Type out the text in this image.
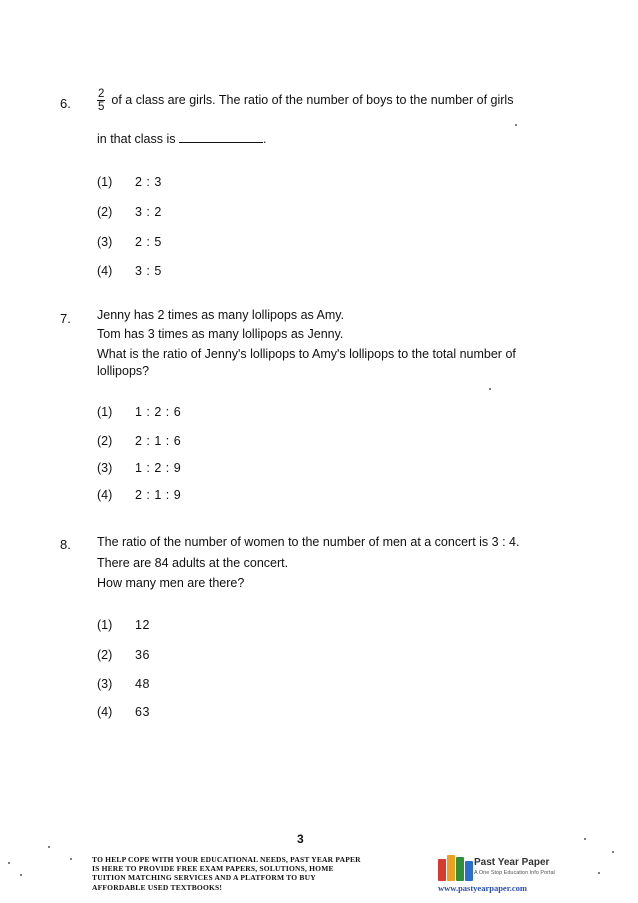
6. $\frac{2}{5}$ of a class are girls. The ratio of the number of boys to the number of girls
in that class is	.
(1) 2 : 3
(2) 3 : 2
(3) 2 : 5
(4) 3 : 5
7. Jenny has 2 times as many lollipops as Amy.
Tom has 3 times as many lollipops as Jenny.
What is the ratio of Jenny's lollipops to Amy's lollipops to the total number of
lollipops?
(1) 1 : 2 : 6
(2) 2 : 1 : 6
(3) 1 : 2 : 9
(4) 2 : 1 : 9
8. The ratio of the number of women to the number of men at a concert is 3 : 4.
There are 84 adults at the concert.
How many men are there?
(1) 12
(2) 36
(3) 48
(4) 63
3
TO HELP COPE WITH YOUR EDUCATIONAL NEEDS, PAST YEAR PAPER
IS HERE TO PROVIDE FREE EXAM PAPERS, SOLUTIONS, HOME
TUITION MATCHING SERVICES AND A PLATFORM TO BUY
AFFORDABLE USED TEXTBOOKS!
Past Year Paper
A One Stop Education Info Portal
www.pastyearpaper.com
